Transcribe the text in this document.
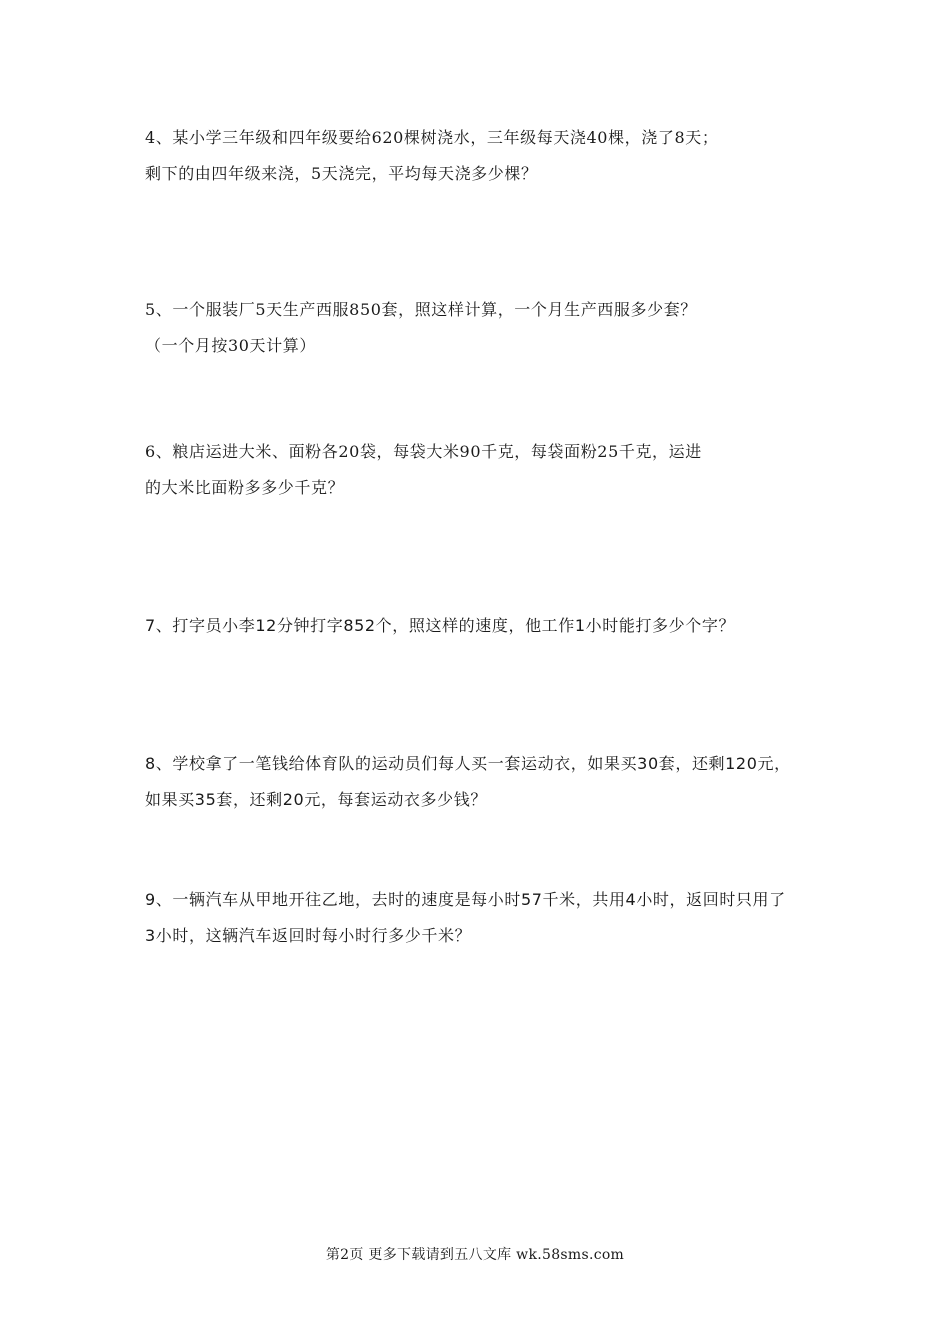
4、某小学三年级和四年级要给620棵树浇水，三年级每天浇40棵，浇了8天；
剩下的由四年级来浇，5天浇完，平均每天浇多少棵？
5、一个服装厂5天生产西服850套，照这样计算，一个月生产西服多少套？
（一个月按30天计算）
6、粮店运进大米、面粉各20袋，每袋大米90千克，每袋面粉25千克，运进
的大米比面粉多多少千克？
7、打字员小李12分钟打字852个，照这样的速度，他工作1小时能打多少个字？
8、学校拿了一笔钱给体育队的运动员们每人买一套运动衣，如果买30套，还剩120元，
如果买35套，还剩20元，每套运动衣多少钱？
9、一辆汽车从甲地开往乙地，去时的速度是每小时57千米，共用4小时，返回时只用了
3小时，这辆汽车返回时每小时行多少千米？
第2页 更多下载请到五八文库 wk.58sms.com
